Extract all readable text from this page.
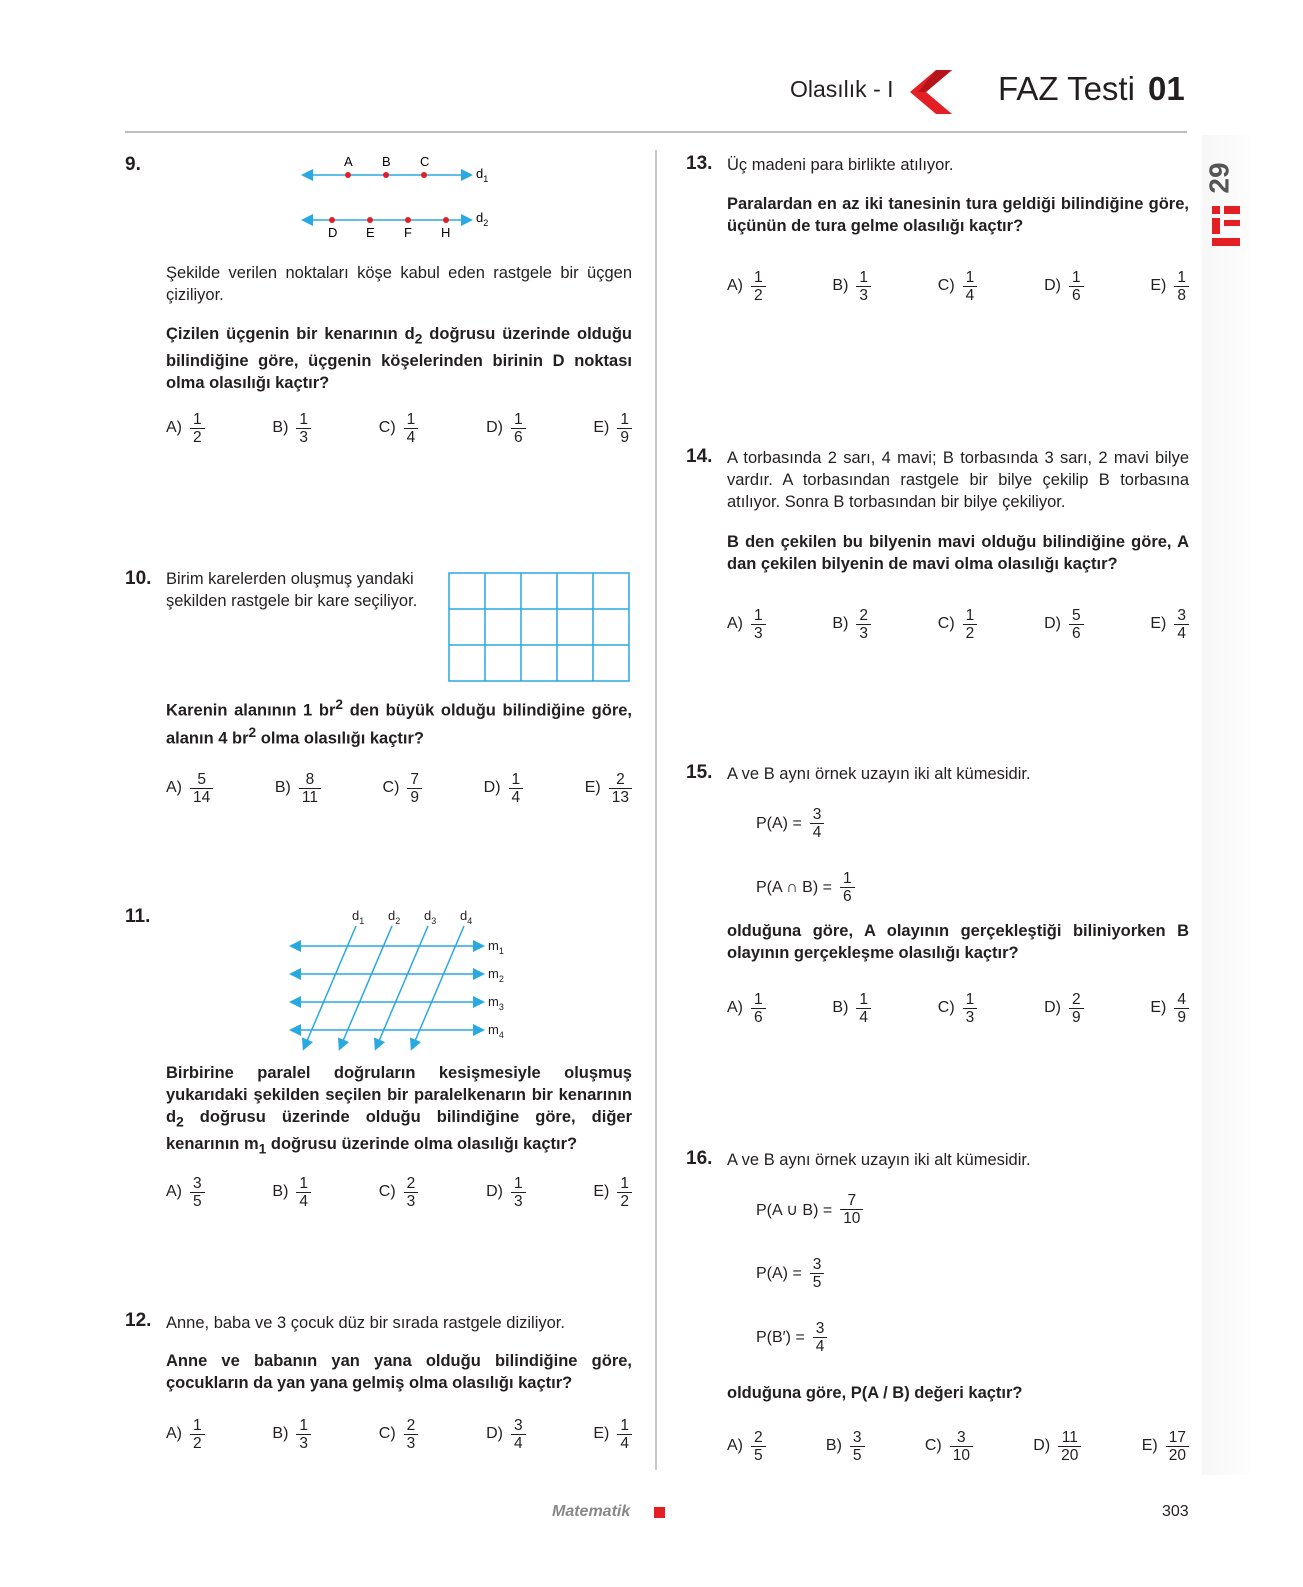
Olasılık - I	FAZ Testi 01
29
9.	A B C
$d_1$
D E F H
$d_2$
Şekilde verilen noktaları köşe kabul eden rastgele bir üçgen çiziliyor.
Çizilen üçgenin bir kenarının $d_2$ doğrusu üzerinde olduğu bilindiğine göre, üçgenin köşelerinden birinin D noktası olma olasılığı kaçtır?
$A) \frac{1}{2}$	$B) \frac{1}{3}$	$C) \frac{1}{4}$	$D) \frac{1}{6}$	$E) \frac{1}{9}$
10. Birim karelerden oluşmuş yandaki şekilden rastgele bir kare seçiliyor.
Karenin alanının 1 $br^2$ den büyük olduğu bilindiğine göre, alanın 4 $br^2$ olma olasılığı kaçtır?
$A) \frac{5}{14}$	$B) \frac{8}{11}$	$C) \frac{7}{9}$	$D) \frac{1}{4}$	$E) \frac{2}{13}$
11.	$d_1$ $d_2$ $d_3$ $d_4$
$m_1$
$m_2$
$m_3$
$m_4$
Birbirine paralel doğruların kesişmesiyle oluşmuş yukarıdaki şekilden seçilen bir paralelkenarın bir kenarının $d_2$ doğrusu üzerinde olduğu bilindiğine göre, diğer kenarının $m_1$ doğrusu üzerinde olma olasılığı kaçtır?
$A) \frac{3}{5}$	$B) \frac{1}{4}$	$C) \frac{2}{3}$	$D) \frac{1}{3}$	$E) \frac{1}{2}$
12. Anne, baba ve 3 çocuk düz bir sırada rastgele diziliyor.
Anne ve babanın yan yana olduğu bilindiğine göre, çocukların da yan yana gelmiş olma olasılığı kaçtır?
$A) \frac{1}{2}$	$B) \frac{1}{3}$	$C) \frac{2}{3}$	$D) \frac{3}{4}$	$E) \frac{1}{4}$
13. Üç madeni para birlikte atılıyor.
Paralardan en az iki tanesinin tura geldiği bilindiğine göre, üçünün de tura gelme olasılığı kaçtır?
$A) \frac{1}{2}$	$B) \frac{1}{3}$	$C) \frac{1}{4}$	$D) \frac{1}{6}$	$E) \frac{1}{8}$
14. A torbasında 2 sarı, 4 mavi; B torbasında 3 sarı, 2 mavi bilye vardır. A torbasından rastgele bir bilye çekilip B torbasına atılıyor. Sonra B torbasından bir bilye çekiliyor.
B den çekilen bu bilyenin mavi olduğu bilindiğine göre, A dan çekilen bilyenin de mavi olma olasılığı kaçtır?
$A) \frac{1}{3}$	$B) \frac{2}{3}$	$C) \frac{1}{2}$	$D) \frac{5}{6}$	$E) \frac{3}{4}$
15. A ve B aynı örnek uzayın iki alt kümesidir.
$P(A) = \frac{3}{4}$
P(A ∩ $B) = \frac{1}{6}$
olduğuna göre, A olayının gerçekleştiği biliniyorken B olayının gerçekleşme olasılığı kaçtır?
$A) \frac{1}{6}$	$B) \frac{1}{4}$	$C) \frac{1}{3}$	$D) \frac{2}{9}$	$E) \frac{4}{9}$
16. A ve B aynı örnek uzayın iki alt kümesidir.
P(A ∪ $B) = \frac{7}{10}$
$P(A) = \frac{3}{5}$
$P(B') = \frac{3}{4}$
olduğuna göre, P(A / B) değeri kaçtır?
$A) \frac{2}{5}$	$B) \frac{3}{5}$	$C) \frac{3}{10}$	$D) \frac{11}{20}$	$E) \frac{17}{20}$
Matematik	303
